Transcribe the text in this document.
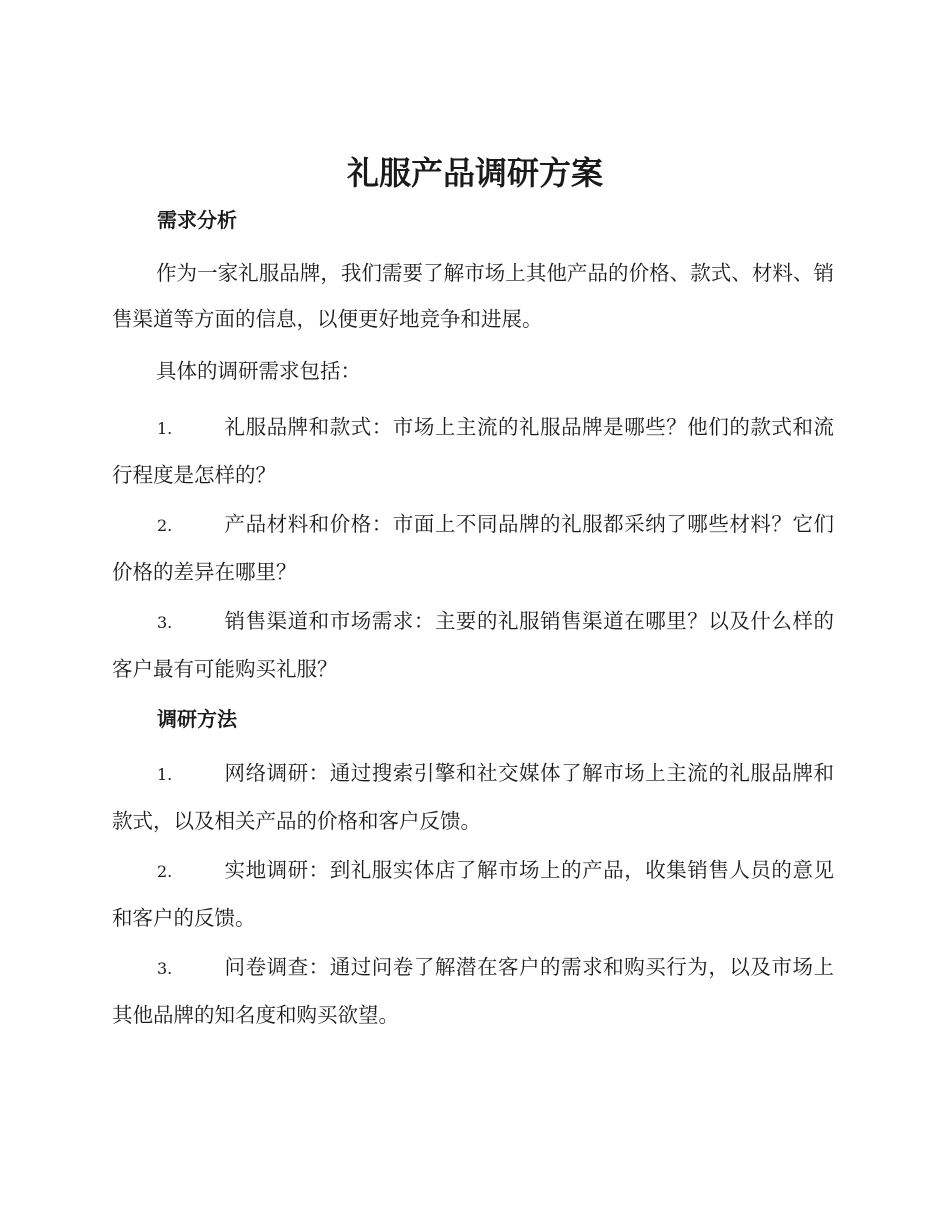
礼服产品调研方案
需求分析

作为一家礼服品牌，我们需要了解市场上其他产品的价格、款式、材料、销售渠道等方面的信息，以便更好地竞争和进展。

具体的调研需求包括：

1.	礼服品牌和款式：市场上主流的礼服品牌是哪些？他们的款式和流行程度是怎样的？

2.	产品材料和价格：市面上不同品牌的礼服都采纳了哪些材料？它们价格的差异在哪里？

3.	销售渠道和市场需求：主要的礼服销售渠道在哪里？以及什么样的客户最有可能购买礼服？

调研方法

1.	网络调研：通过搜索引擎和社交媒体了解市场上主流的礼服品牌和款式，以及相关产品的价格和客户反馈。

2.	实地调研：到礼服实体店了解市场上的产品，收集销售人员的意见和客户的反馈。

3.	问卷调查：通过问卷了解潜在客户的需求和购买行为，以及市场上其他品牌的知名度和购买欲望。
